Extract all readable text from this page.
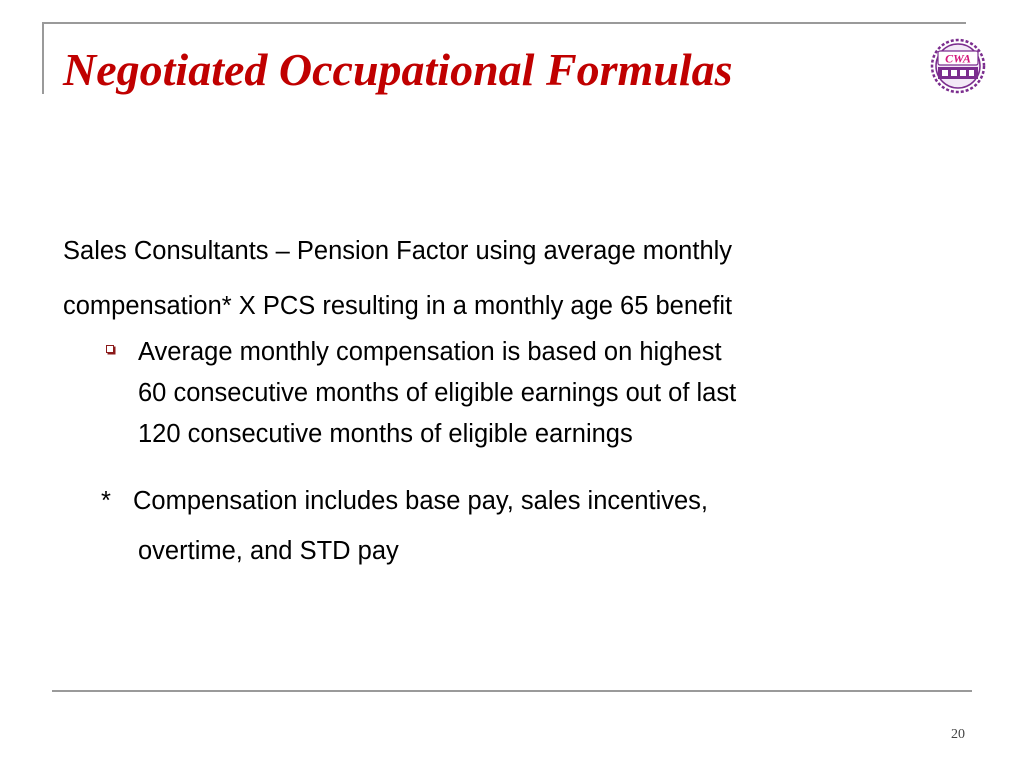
Negotiated Occupational Formulas	CWA
Sales Consultants – Pension Factor using average monthly
compensation* X PCS resulting in a monthly age 65 benefit
Average monthly compensation is based on highest
60 consecutive months of eligible earnings out of last
120 consecutive months of eligible earnings
* Compensation includes base pay, sales incentives,
overtime, and STD pay
20
